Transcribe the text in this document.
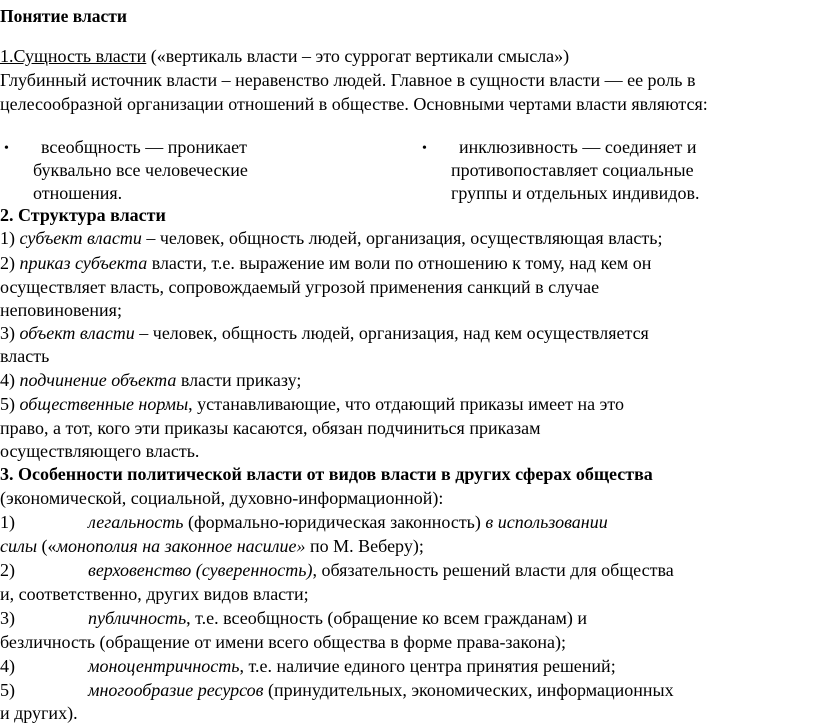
Понятие власти
1.Сущность власти («вертикаль власти – это суррогат вертикали смысла»)
Глубинный источник власти – неравенство людей. Главное в сущности власти — ее роль в
целесообразной организации отношений в обществе. Основными чертами власти являются:
• всеобщность — проникает
буквально все человеческие
отношения.
• инклюзивность — соединяет и
противопоставляет социальные
группы и отдельных индивидов.
2. Структура власти
1) субъект власти – человек, общность людей, организация, осуществляющая власть;
2) приказ субъекта власти, т.е. выражение им воли по отношению к тому, над кем он
осуществляет власть, сопровождаемый угрозой применения санкций в случае
неповиновения;
3) объект власти – человек, общность людей, организация, над кем осуществляется
власть
4) подчинение объекта власти приказу;
5) общественные нормы, устанавливающие, что отдающий приказы имеет на это
право, а тот, кого эти приказы касаются, обязан подчиниться приказам
осуществляющего власть.
3. Особенности политической власти от видов власти в других сферах общества
(экономической, социальной, духовно-информационной):
1)	легальность (формально-юридическая законность) в использовании
силы («монополия на законное насилие» по М. Веберу);
2)	верховенство (суверенность), обязательность решений власти для общества
и, соответственно, других видов власти;
3)	публичность, т.е. всеобщность (обращение ко всем гражданам) и
безличность (обращение от имени всего общества в форме права-закона);
4)	моноцентричность, т.е. наличие единого центра принятия решений;
5)	многообразие ресурсов (принудительных, экономических, информационных
и других).
